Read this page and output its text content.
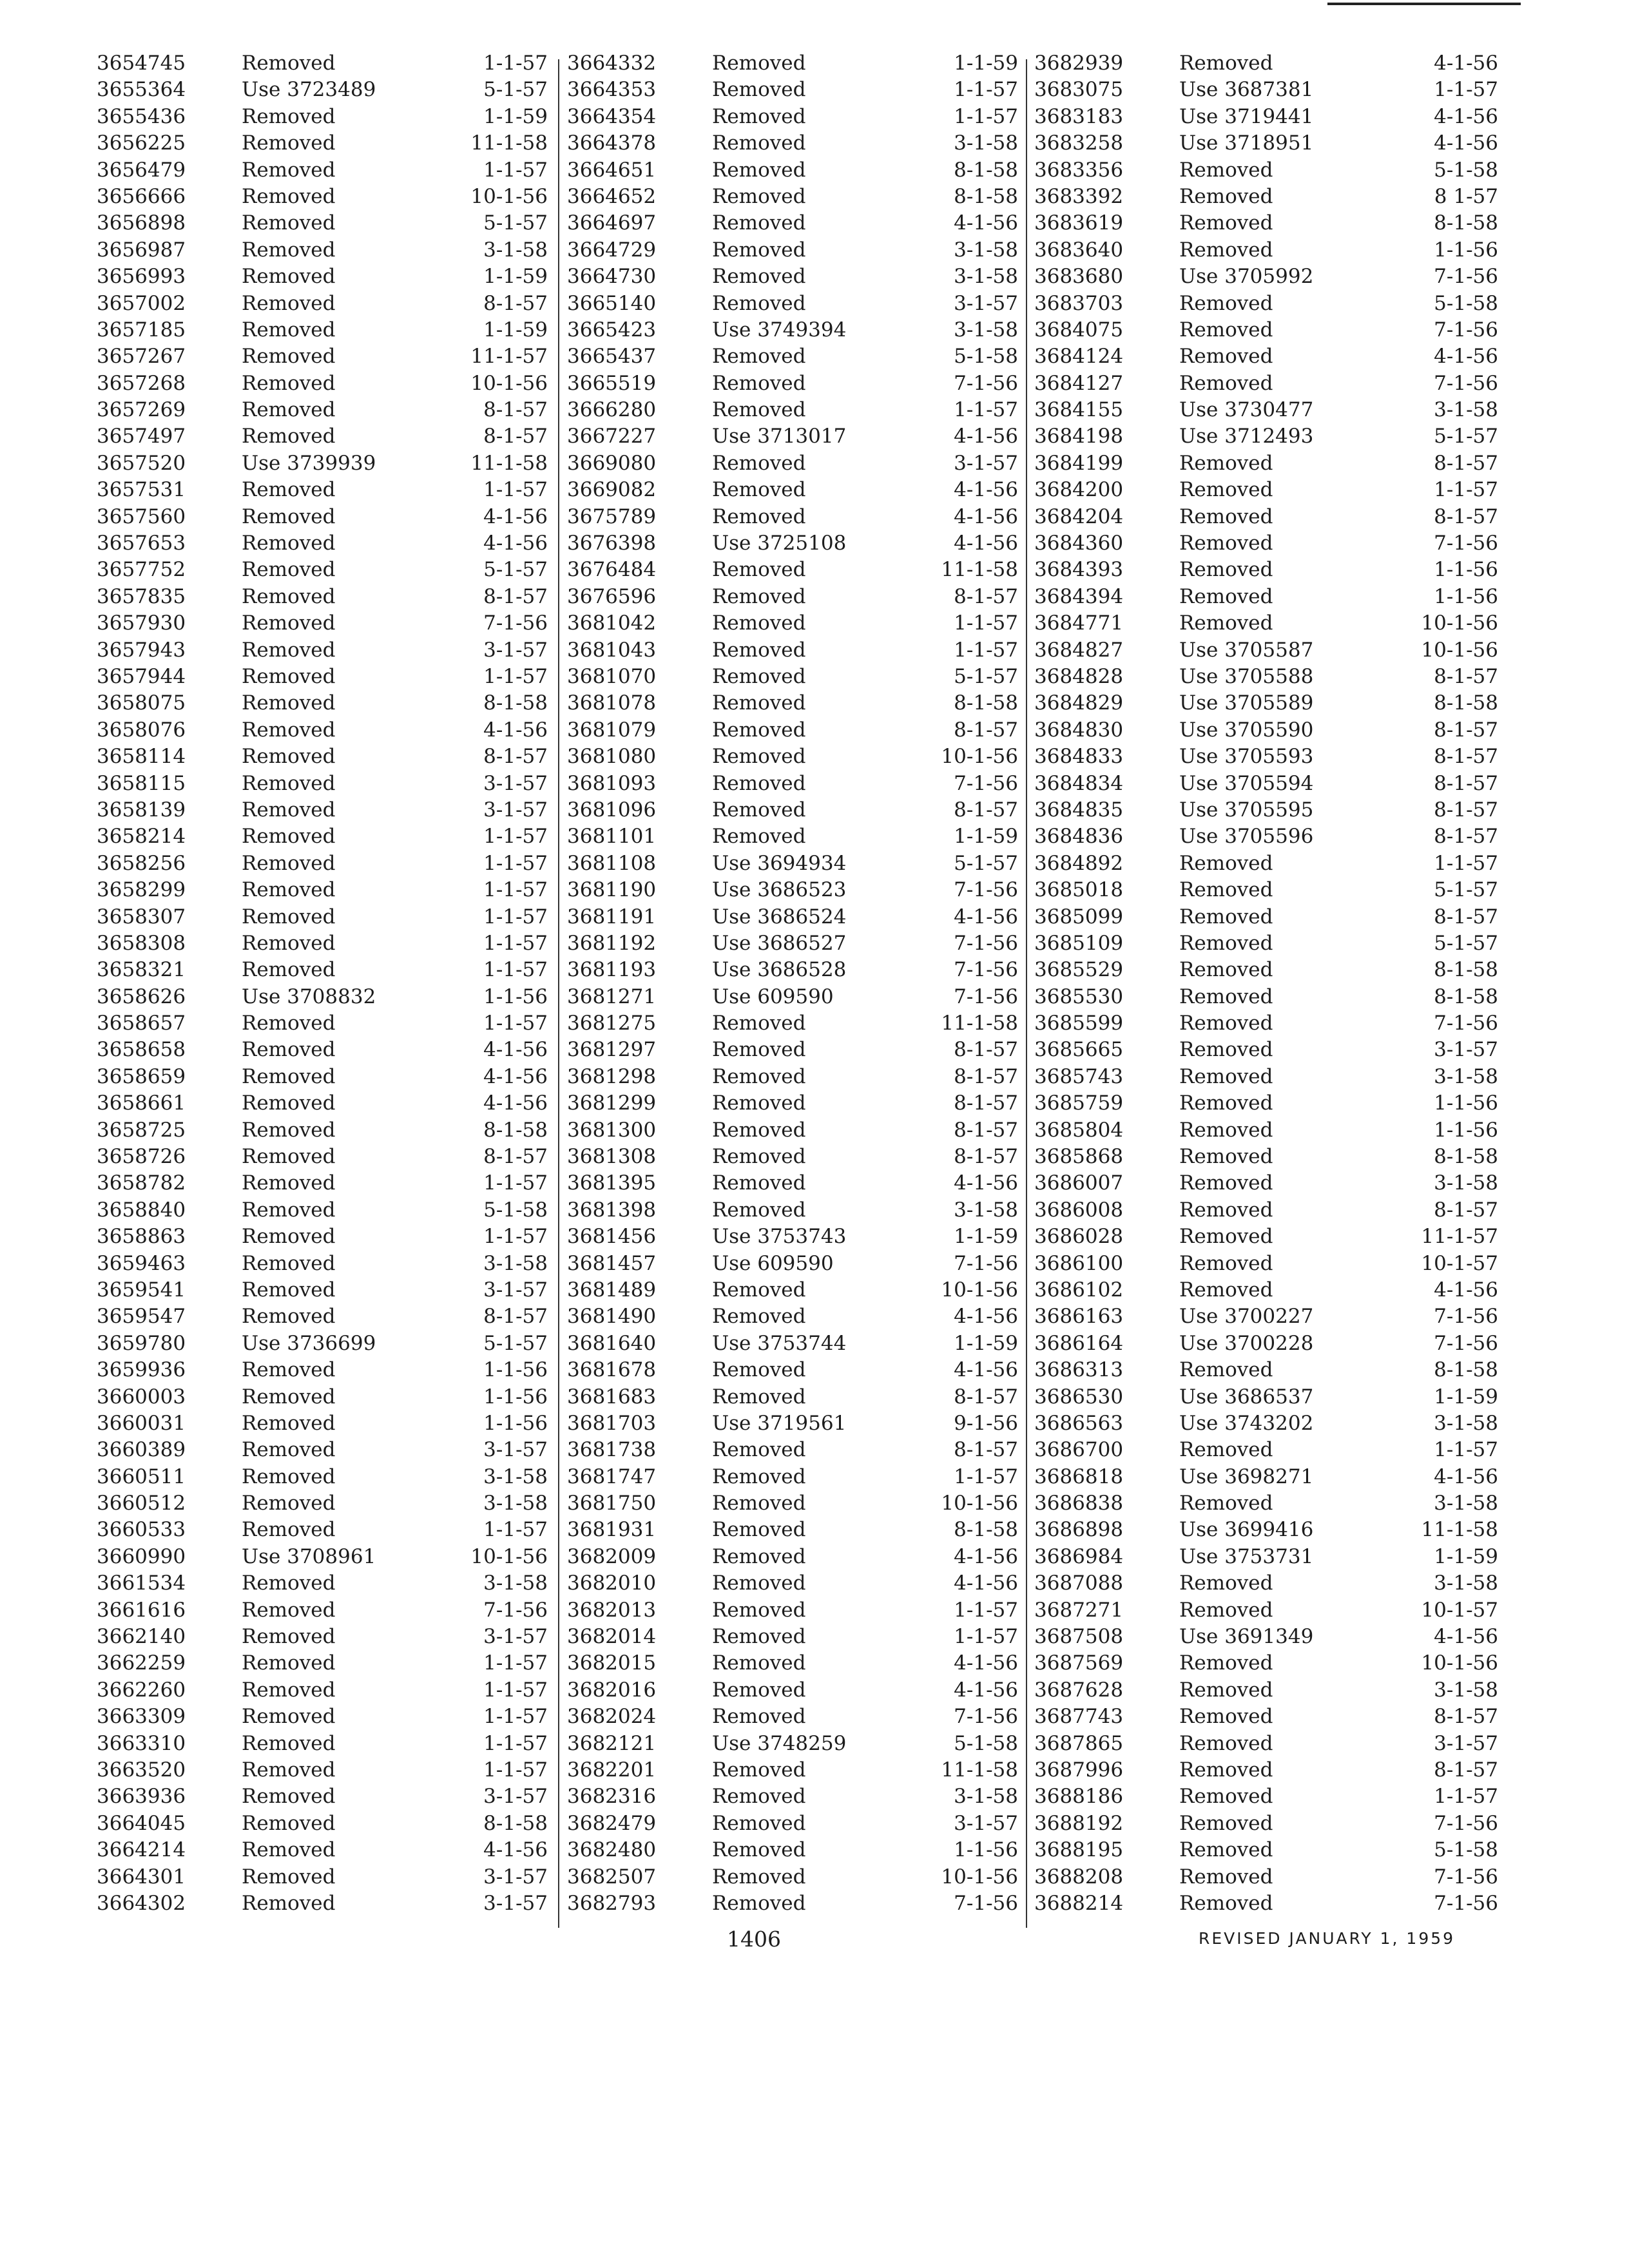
3654745	Removed	1-1-57
3655364	Use 3723489	5-1-57
3655436	Removed	1-1-59
3656225	Removed	11-1-58
3656479	Removed	1-1-57
3656666	Removed	10-1-56
3656898	Removed	5-1-57
3656987	Removed	3-1-58
3656993	Removed	1-1-59
3657002	Removed	8-1-57
3657185	Removed	1-1-59
3657267	Removed	11-1-57
3657268	Removed	10-1-56
3657269	Removed	8-1-57
3657497	Removed	8-1-57
3657520	Use 3739939	11-1-58
3657531	Removed	1-1-57
3657560	Removed	4-1-56
3657653	Removed	4-1-56
3657752	Removed	5-1-57
3657835	Removed	8-1-57
3657930	Removed	7-1-56
3657943	Removed	3-1-57
3657944	Removed	1-1-57
3658075	Removed	8-1-58
3658076	Removed	4-1-56
3658114	Removed	8-1-57
3658115	Removed	3-1-57
3658139	Removed	3-1-57
3658214	Removed	1-1-57
3658256	Removed	1-1-57
3658299	Removed	1-1-57
3658307	Removed	1-1-57
3658308	Removed	1-1-57
3658321	Removed	1-1-57
3658626	Use 3708832	1-1-56
3658657	Removed	1-1-57
3658658	Removed	4-1-56
3658659	Removed	4-1-56
3658661	Removed	4-1-56
3658725	Removed	8-1-58
3658726	Removed	8-1-57
3658782	Removed	1-1-57
3658840	Removed	5-1-58
3658863	Removed	1-1-57
3659463	Removed	3-1-58
3659541	Removed	3-1-57
3659547	Removed	8-1-57
3659780	Use 3736699	5-1-57
3659936	Removed	1-1-56
3660003	Removed	1-1-56
3660031	Removed	1-1-56
3660389	Removed	3-1-57
3660511	Removed	3-1-58
3660512	Removed	3-1-58
3660533	Removed	1-1-57
3660990	Use 3708961	10-1-56
3661534	Removed	3-1-58
3661616	Removed	7-1-56
3662140	Removed	3-1-57
3662259	Removed	1-1-57
3662260	Removed	1-1-57
3663309	Removed	1-1-57
3663310	Removed	1-1-57
3663520	Removed	1-1-57
3663936	Removed	3-1-57
3664045	Removed	8-1-58
3664214	Removed	4-1-56
3664301	Removed	3-1-57
3664302	Removed	3-1-57
3664332	Removed	1-1-59
3664353	Removed	1-1-57
3664354	Removed	1-1-57
3664378	Removed	3-1-58
3664651	Removed	8-1-58
3664652	Removed	8-1-58
3664697	Removed	4-1-56
3664729	Removed	3-1-58
3664730	Removed	3-1-58
3665140	Removed	3-1-57
3665423	Use 3749394	3-1-58
3665437	Removed	5-1-58
3665519	Removed	7-1-56
3666280	Removed	1-1-57
3667227	Use 3713017	4-1-56
3669080	Removed	3-1-57
3669082	Removed	4-1-56
3675789	Removed	4-1-56
3676398	Use 3725108	4-1-56
3676484	Removed	11-1-58
3676596	Removed	8-1-57
3681042	Removed	1-1-57
3681043	Removed	1-1-57
3681070	Removed	5-1-57
3681078	Removed	8-1-58
3681079	Removed	8-1-57
3681080	Removed	10-1-56
3681093	Removed	7-1-56
3681096	Removed	8-1-57
3681101	Removed	1-1-59
3681108	Use 3694934	5-1-57
3681190	Use 3686523	7-1-56
3681191	Use 3686524	4-1-56
3681192	Use 3686527	7-1-56
3681193	Use 3686528	7-1-56
3681271	Use 609590	7-1-56
3681275	Removed	11-1-58
3681297	Removed	8-1-57
3681298	Removed	8-1-57
3681299	Removed	8-1-57
3681300	Removed	8-1-57
3681308	Removed	8-1-57
3681395	Removed	4-1-56
3681398	Removed	3-1-58
3681456	Use 3753743	1-1-59
3681457	Use 609590	7-1-56
3681489	Removed	10-1-56
3681490	Removed	4-1-56
3681640	Use 3753744	1-1-59
3681678	Removed	4-1-56
3681683	Removed	8-1-57
3681703	Use 3719561	9-1-56
3681738	Removed	8-1-57
3681747	Removed	1-1-57
3681750	Removed	10-1-56
3681931	Removed	8-1-58
3682009	Removed	4-1-56
3682010	Removed	4-1-56
3682013	Removed	1-1-57
3682014	Removed	1-1-57
3682015	Removed	4-1-56
3682016	Removed	4-1-56
3682024	Removed	7-1-56
3682121	Use 3748259	5-1-58
3682201	Removed	11-1-58
3682316	Removed	3-1-58
3682479	Removed	3-1-57
3682480	Removed	1-1-56
3682507	Removed	10-1-56
3682793	Removed	7-1-56
3682939	Removed	4-1-56
3683075	Use 3687381	1-1-57
3683183	Use 3719441	4-1-56
3683258	Use 3718951	4-1-56
3683356	Removed	5-1-58
3683392	Removed	8 1-57
3683619	Removed	8-1-58
3683640	Removed	1-1-56
3683680	Use 3705992	7-1-56
3683703	Removed	5-1-58
3684075	Removed	7-1-56
3684124	Removed	4-1-56
3684127	Removed	7-1-56
3684155	Use 3730477	3-1-58
3684198	Use 3712493	5-1-57
3684199	Removed	8-1-57
3684200	Removed	1-1-57
3684204	Removed	8-1-57
3684360	Removed	7-1-56
3684393	Removed	1-1-56
3684394	Removed	1-1-56
3684771	Removed	10-1-56
3684827	Use 3705587	10-1-56
3684828	Use 3705588	8-1-57
3684829	Use 3705589	8-1-58
3684830	Use 3705590	8-1-57
3684833	Use 3705593	8-1-57
3684834	Use 3705594	8-1-57
3684835	Use 3705595	8-1-57
3684836	Use 3705596	8-1-57
3684892	Removed	1-1-57
3685018	Removed	5-1-57
3685099	Removed	8-1-57
3685109	Removed	5-1-57
3685529	Removed	8-1-58
3685530	Removed	8-1-58
3685599	Removed	7-1-56
3685665	Removed	3-1-57
3685743	Removed	3-1-58
3685759	Removed	1-1-56
3685804	Removed	1-1-56
3685868	Removed	8-1-58
3686007	Removed	3-1-58
3686008	Removed	8-1-57
3686028	Removed	11-1-57
3686100	Removed	10-1-57
3686102	Removed	4-1-56
3686163	Use 3700227	7-1-56
3686164	Use 3700228	7-1-56
3686313	Removed	8-1-58
3686530	Use 3686537	1-1-59
3686563	Use 3743202	3-1-58
3686700	Removed	1-1-57
3686818	Use 3698271	4-1-56
3686838	Removed	3-1-58
3686898	Use 3699416	11-1-58
3686984	Use 3753731	1-1-59
3687088	Removed	3-1-58
3687271	Removed	10-1-57
3687508	Use 3691349	4-1-56
3687569	Removed	10-1-56
3687628	Removed	3-1-58
3687743	Removed	8-1-57
3687865	Removed	3-1-57
3687996	Removed	8-1-57
3688186	Removed	1-1-57
3688192	Removed	7-1-56
3688195	Removed	5-1-58
3688208	Removed	7-1-56
3688214	Removed	7-1-56
1406	REVISED JANUARY 1, 1959
